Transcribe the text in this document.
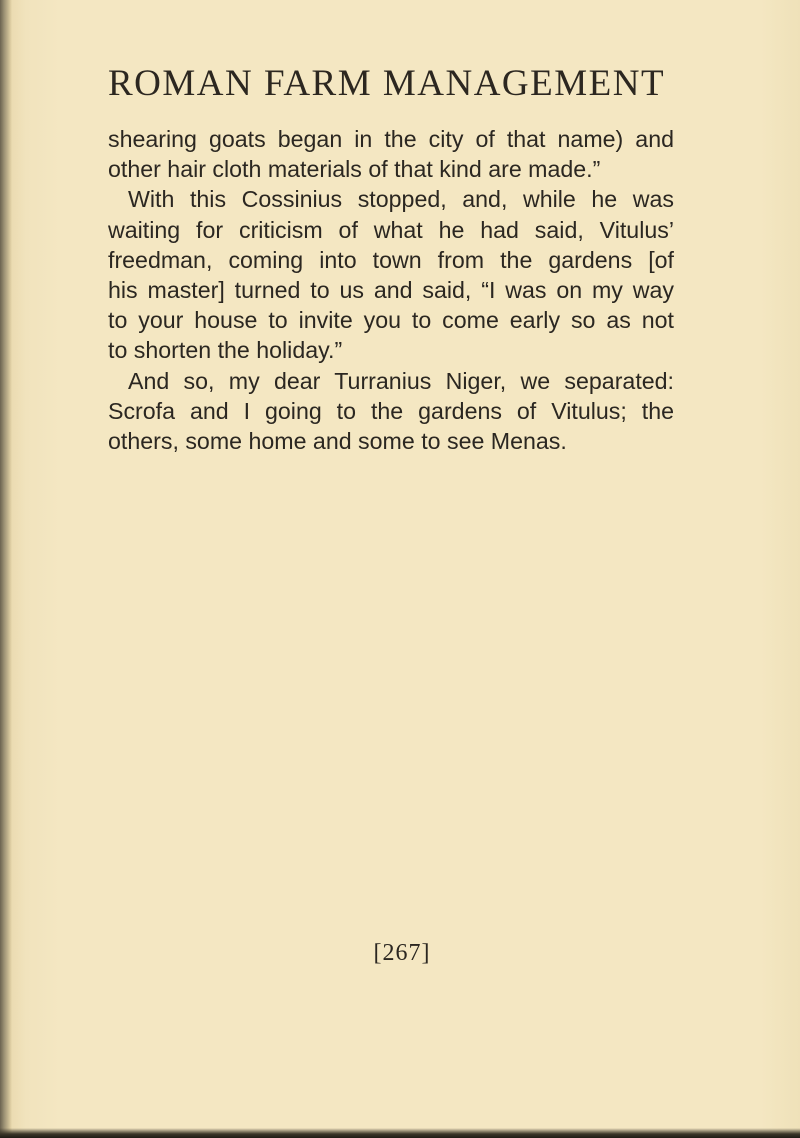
ROMAN FARM MANAGEMENT
shearing goats began in the city of that name) and
other hair cloth materials of that kind are made.”
With this Cossinius stopped, and, while he was
waiting for criticism of what he had said, Vitulus’
freedman, coming into town from the gardens [of
his master] turned to us and said, “I was on my way
to your house to invite you to come early so as not
to shorten the holiday.”
And so, my dear Turranius Niger, we separated:
Scrofa and I going to the gardens of Vitulus; the
others, some home and some to see Menas.
[267]
